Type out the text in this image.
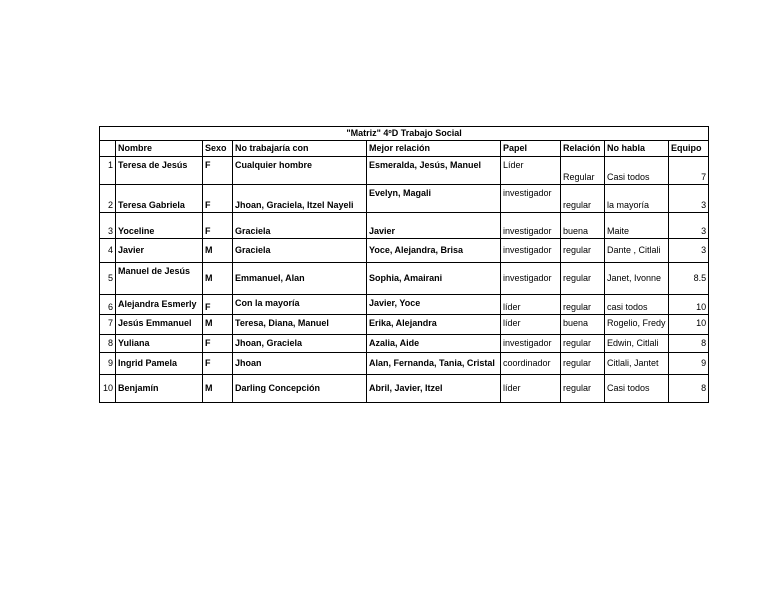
"Matriz" 4ºD Trabajo Social								
	Nombre	Sexo	No trabajaría con	Mejor relación	Papel	Relación	No habla	Equipo
1	Teresa de Jesús	F	Cualquier hombre	Esmeralda, Jesús, Manuel	Líder	Regular	Casi todos	7
2	Teresa Gabriela	F	Jhoan, Graciela, Itzel Nayeli	Evelyn, Magali	investigador	regular	la mayoría	3
3	Yoceline	F	Graciela	Javier	investigador	buena	Maite	3
4	Javier	M	Graciela	Yoce, Alejandra, Brisa	investigador	regular	Dante , Citlali	3
5	Manuel de Jesús	M	Emmanuel, Alan	Sophia, Amairani	investigador	regular	Janet, Ivonne	8.5
6	Alejandra Esmerly	F	Con la mayoría	Javier, Yoce	líder	regular	casi todos	10
7	Jesús Emmanuel	M	Teresa, Diana, Manuel	Erika, Alejandra	líder	buena	Rogelio, Fredy	10
8	Yuliana	F	Jhoan, Graciela	Azalia, Aide	investigador	regular	Edwin, Citlali	8
9	Ingrid Pamela	F	Jhoan	Alan, Fernanda, Tania, Cristal	coordinador	regular	Citlali, Jantet	9
10	Benjamín	M	Darling Concepción	Abril, Javier, Itzel	líder	regular	Casi todos	8
